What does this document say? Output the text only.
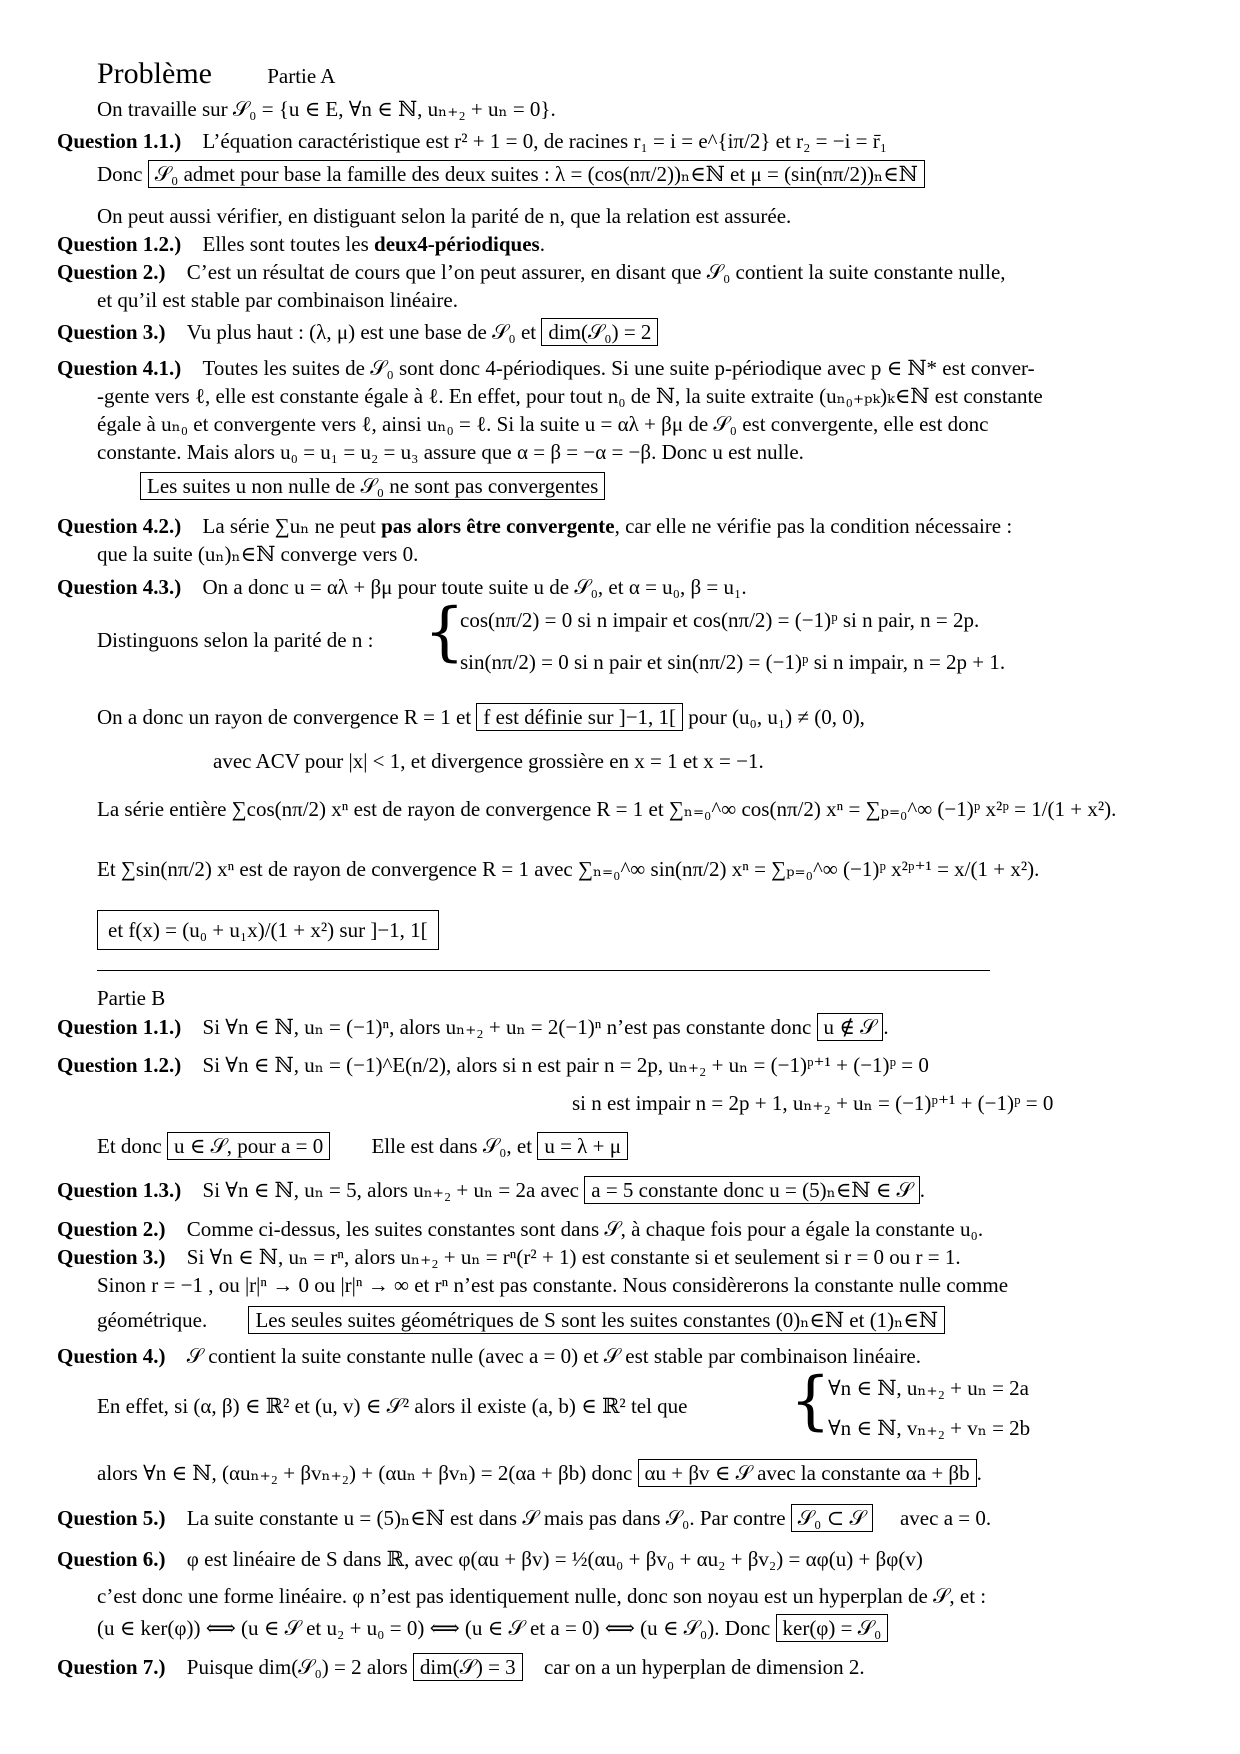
Problème	Partie A
On travaille sur 𝒮₀ = {u ∈ E, ∀n ∈ ℕ, uₙ₊₂ + uₙ = 0}.
Question 1.1.) L’équation caractéristique est r² + 1 = 0, de racines r₁ = i = e^{iπ/2} et r₂ = −i = r̄₁
Donc 𝒮₀ admet pour base la famille des deux suites : λ = (cos(nπ/2))ₙ∈ℕ et μ = (sin(nπ/2))ₙ∈ℕ
On peut aussi vérifier, en distiguant selon la parité de n, que la relation est assurée.
Question 1.2.) Elles sont toutes les deux4-périodiques.
Question 2.) C’est un résultat de cours que l’on peut assurer, en disant que 𝒮₀ contient la suite constante nulle,
et qu’il est stable par combinaison linéaire.
Question 3.) Vu plus haut : (λ, μ) est une base de 𝒮₀ et dim(𝒮₀) = 2
Question 4.1.) Toutes les suites de 𝒮₀ sont donc 4-périodiques. Si une suite p-périodique avec p ∈ ℕ* est conver-
-gente vers ℓ, elle est constante égale à ℓ. En effet, pour tout n₀ de ℕ, la suite extraite (uₙ₀₊ₚₖ)ₖ∈ℕ est constante
égale à uₙ₀ et convergente vers ℓ, ainsi uₙ₀ = ℓ. Si la suite u = αλ + βμ de 𝒮₀ est convergente, elle est donc
constante. Mais alors u₀ = u₁ = u₂ = u₃ assure que α = β = −α = −β. Donc u est nulle.
Les suites u non nulle de 𝒮₀ ne sont pas convergentes
Question 4.2.) La série ∑uₙ ne peut pas alors être convergente, car elle ne vérifie pas la condition nécessaire :
que la suite (uₙ)ₙ∈ℕ converge vers 0.
Question 4.3.) On a donc u = αλ + βμ pour toute suite u de 𝒮₀, et α = u₀, β = u₁.
Distinguons selon la parité de n : {
cos(nπ/2) = 0 si n impair et cos(nπ/2) = (−1)ᵖ si n pair, n = 2p.
sin(nπ/2) = 0 si n pair et sin(nπ/2) = (−1)ᵖ si n impair, n = 2p + 1.
On a donc un rayon de convergence R = 1 et f est définie sur ]−1, 1[ pour (u₀, u₁) ≠ (0, 0),
avec ACV pour |x| < 1, et divergence grossière en x = 1 et x = −1.
La série entière ∑cos(nπ/2) xⁿ est de rayon de convergence R = 1 et ∑ₙ₌₀^∞ cos(nπ/2) xⁿ = ∑ₚ₌₀^∞ (−1)ᵖ x²ᵖ = 1/(1 + x²).
Et ∑sin(nπ/2) xⁿ est de rayon de convergence R = 1 avec ∑ₙ₌₀^∞ sin(nπ/2) xⁿ = ∑ₚ₌₀^∞ (−1)ᵖ x²ᵖ⁺¹ = x/(1 + x²).
et f(x) = (u₀ + u₁x)/(1 + x²) sur ]−1, 1[
Partie B
Question 1.1.) Si ∀n ∈ ℕ, uₙ = (−1)ⁿ, alors uₙ₊₂ + uₙ = 2(−1)ⁿ n’est pas constante donc u ∉ 𝒮 .
Question 1.2.) Si ∀n ∈ ℕ, uₙ = (−1)^E(n/2), alors si n est pair n = 2p, uₙ₊₂ + uₙ = (−1)ᵖ⁺¹ + (−1)ᵖ = 0
si n est impair n = 2p + 1, uₙ₊₂ + uₙ = (−1)ᵖ⁺¹ + (−1)ᵖ = 0
Et donc u ∈ 𝒮, pour a = 0 Elle est dans 𝒮₀, et u = λ + μ
Question 1.3.) Si ∀n ∈ ℕ, uₙ = 5, alors uₙ₊₂ + uₙ = 2a avec a = 5 constante donc u = (5)ₙ∈ℕ ∈ 𝒮 .
Question 2.) Comme ci-dessus, les suites constantes sont dans 𝒮, à chaque fois pour a égale la constante u₀.
Question 3.) Si ∀n ∈ ℕ, uₙ = rⁿ, alors uₙ₊₂ + uₙ = rⁿ(r² + 1) est constante si et seulement si r = 0 ou r = 1.
Sinon r = −1 , ou |r|ⁿ → 0 ou |r|ⁿ → ∞ et rⁿ n’est pas constante. Nous considèrerons la constante nulle comme
géométrique. Les seules suites géométriques de S sont les suites constantes (0)ₙ∈ℕ et (1)ₙ∈ℕ
Question 4.) 𝒮 contient la suite constante nulle (avec a = 0) et 𝒮 est stable par combinaison linéaire.
En effet, si (α, β) ∈ ℝ² et (u, v) ∈ 𝒮² alors il existe (a, b) ∈ ℝ² tel que {
∀n ∈ ℕ, uₙ₊₂ + uₙ = 2a
∀n ∈ ℕ, vₙ₊₂ + vₙ = 2b
alors ∀n ∈ ℕ, (αuₙ₊₂ + βvₙ₊₂) + (αuₙ + βvₙ) = 2(αa + βb) donc αu + βv ∈ 𝒮 avec la constante αa + βb .
Question 5.) La suite constante u = (5)ₙ∈ℕ est dans 𝒮 mais pas dans 𝒮₀. Par contre 𝒮₀ ⊂ 𝒮 avec a = 0.
Question 6.) φ est linéaire de S dans ℝ, avec φ(αu + βv) = ½(αu₀ + βv₀ + αu₂ + βv₂) = αφ(u) + βφ(v)
c’est donc une forme linéaire. φ n’est pas identiquement nulle, donc son noyau est un hyperplan de 𝒮, et :
(u ∈ ker(φ)) ⟺ (u ∈ 𝒮 et u₂ + u₀ = 0) ⟺ (u ∈ 𝒮 et a = 0) ⟺ (u ∈ 𝒮₀). Donc ker(φ) = 𝒮₀
Question 7.) Puisque dim(𝒮₀) = 2 alors dim(𝒮) = 3 car on a un hyperplan de dimension 2.
